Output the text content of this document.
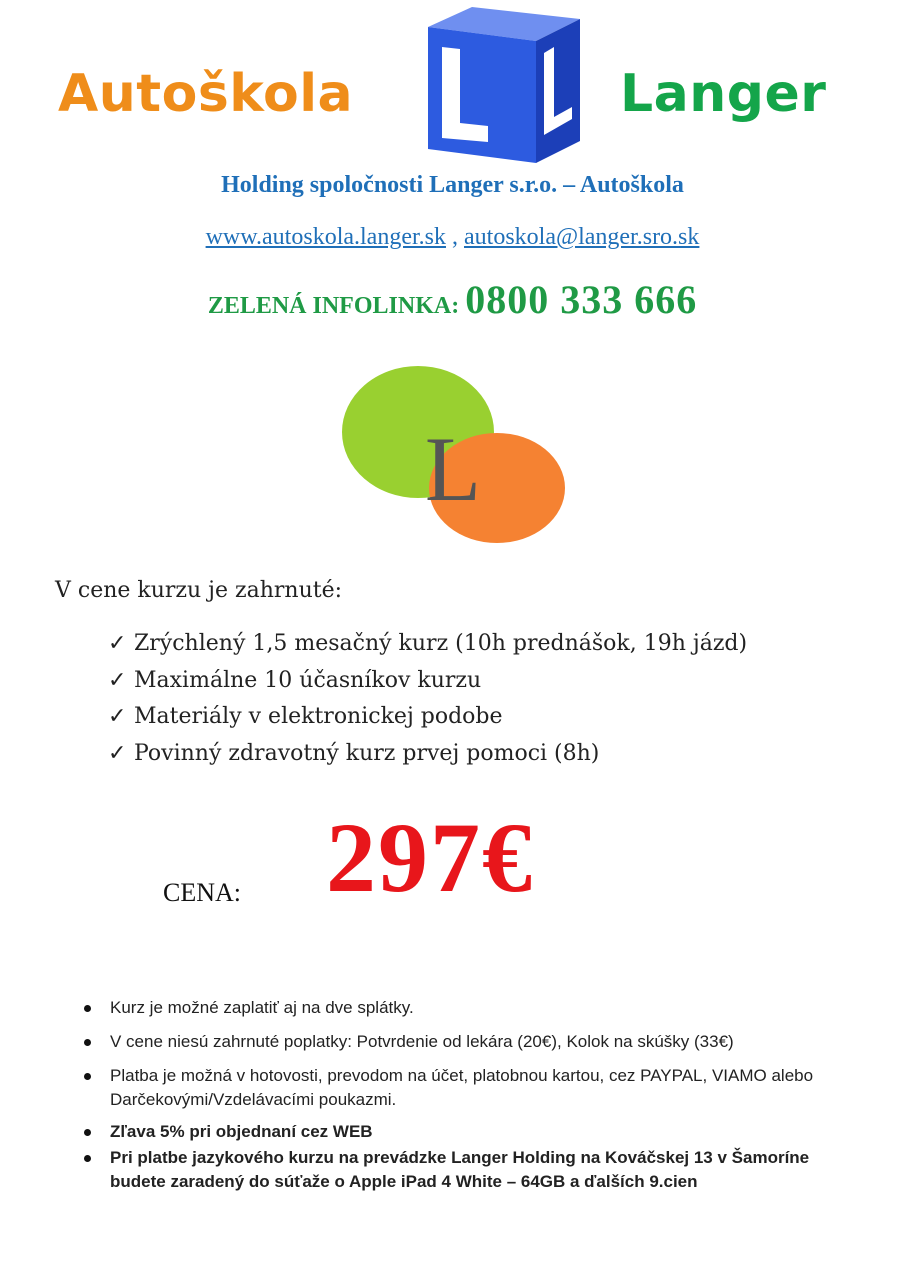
Autoškola	Langer
Holding spoločnosti Langer s.r.o. – Autoškola
www.autoskola.langer.sk , autoskola@langer.sro.sk
ZELENÁ INFOLINKA: 0800 333 666
L
V cene kurzu je zahrnuté:
✓ Zrýchlený 1,5 mesačný kurz (10h prednášok, 19h jázd)
✓ Maximálne 10 účasníkov kurzu
✓ Materiály v elektronickej podobe
✓ Povinný zdravotný kurz prvej pomoci (8h)
CENA: 297€
Kurz je možné zaplatiť aj na dve splátky.
V cene niesú zahrnuté poplatky: Potvrdenie od lekára (20€), Kolok na skúšky (33€)
Platba je možná v hotovosti, prevodom na účet, platobnou kartou, cez PAYPAL, VIAMO alebo Darčekovými/Vzdelávacími poukazmi.
Zľava 5% pri objednaní cez WEB
Pri platbe jazykového kurzu na prevádzke Langer Holding na Kováčskej 13 v Šamoríne budete zaradený do súťaže o Apple iPad 4 White – 64GB a ďalších 9.cien
